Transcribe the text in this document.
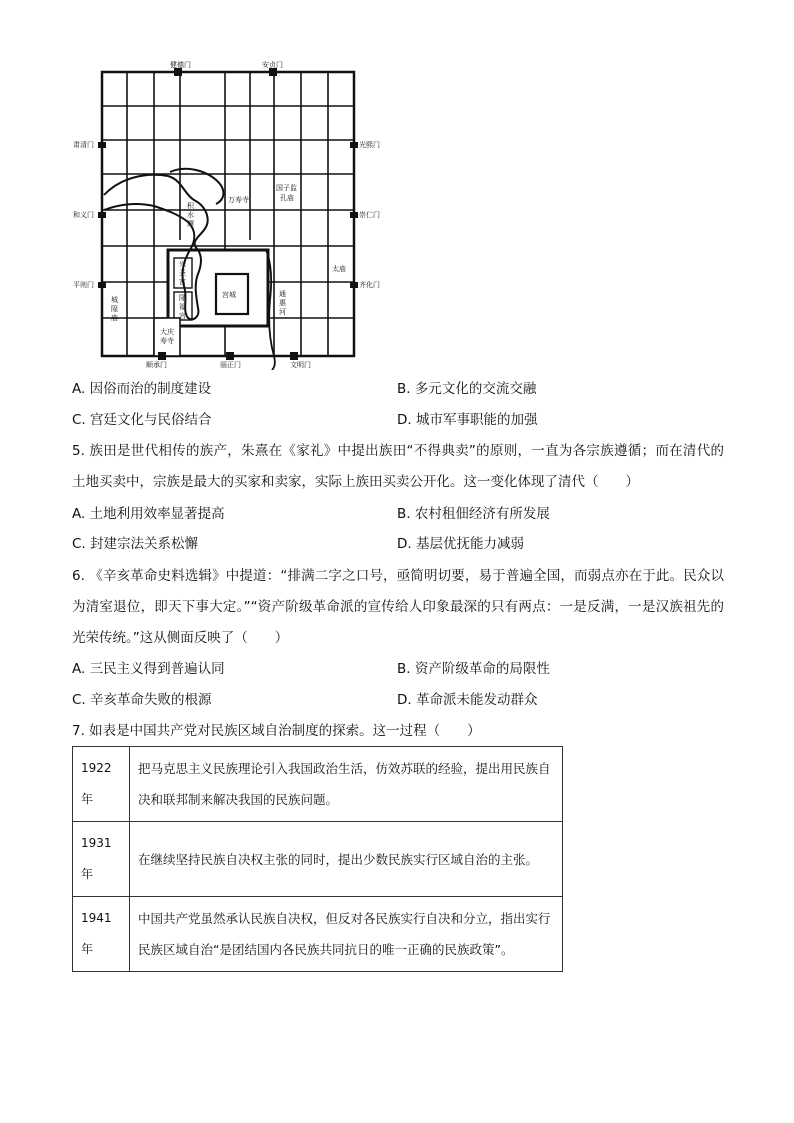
健德门	安贞门
肃清门
和义门
平则门
光熙门
崇仁门
齐化门
顺承门	丽正门	文明门
万寿寺
国子监
孔庙
积水潭
兴圣宫
宫城
隆福宫
太庙
城隍庙
大庆寿寺
通惠河
A. 因俗而治的制度建设	B. 多元文化的交流交融
C. 宫廷文化与民俗结合	D. 城市军事职能的加强

5. 族田是世代相传的族产，朱熹在《家礼》中提出族田“不得典卖”的原则，一直为各宗族遵循；而在清代的土地买卖中，宗族是最大的买家和卖家，实际上族田买卖公开化。这一变化体现了清代（　　）

A. 土地利用效率显著提高	B. 农村租佃经济有所发展
C. 封建宗法关系松懈	D. 基层优抚能力减弱

6. 《辛亥革命史料选辑》中提道：“排满二字之口号，亟简明切要，易于普遍全国，而弱点亦在于此。民众以为清室退位，即天下事大定。”“资产阶级革命派的宣传给人印象最深的只有两点：一是反满，一是汉族祖先的光荣传统。”这从侧面反映了（　　）

A. 三民主义得到普遍认同	B. 资产阶级革命的局限性
C. 辛亥革命失败的根源	D. 革命派未能发动群众
7. 如表是中国共产党对民族区域自治制度的探索。这一过程（　　）
1922年	把马克思主义民族理论引入我国政治生活，仿效苏联的经验，提出用民族自决和联邦制来解决我国的民族问题。
1931年	在继续坚持民族自决权主张的同时，提出少数民族实行区域自治的主张。
1941年	中国共产党虽然承认民族自决权，但反对各民族实行自决和分立，指出实行民族区域自治“是团结国内各民族共同抗日的唯一正确的民族政策”。
